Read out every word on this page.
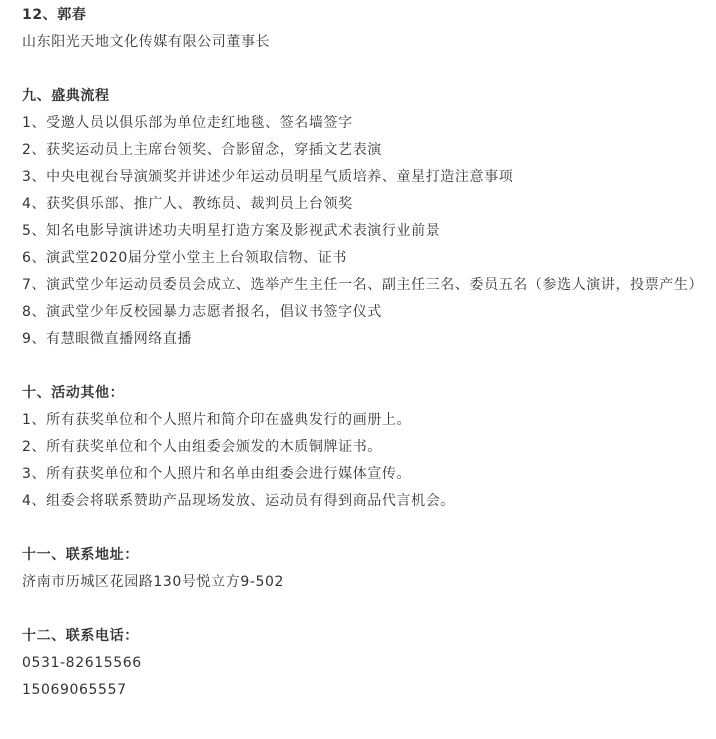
12、郭春
山东阳光天地文化传媒有限公司董事长
九、盛典流程
1、受邀人员以俱乐部为单位走红地毯、签名墙签字
2、获奖运动员上主席台领奖、合影留念，穿插文艺表演
3、中央电视台导演颁奖并讲述少年运动员明星气质培养、童星打造注意事项
4、获奖俱乐部、推广人、教练员、裁判员上台领奖
5、知名电影导演讲述功夫明星打造方案及影视武术表演行业前景
6、演武堂2020届分堂小堂主上台领取信物、证书
7、演武堂少年运动员委员会成立、选举产生主任一名、副主任三名、委员五名（参选人演讲，投票产生）
8、演武堂少年反校园暴力志愿者报名，倡议书签字仪式
9、有慧眼微直播网络直播
十、活动其他：
1、所有获奖单位和个人照片和简介印在盛典发行的画册上。
2、所有获奖单位和个人由组委会颁发的木质铜牌证书。
3、所有获奖单位和个人照片和名单由组委会进行媒体宣传。
4、组委会将联系赞助产品现场发放、运动员有得到商品代言机会。
十一、联系地址：
济南市历城区花园路130号悦立方9-502
十二、联系电话：
0531-82615566
15069065557
